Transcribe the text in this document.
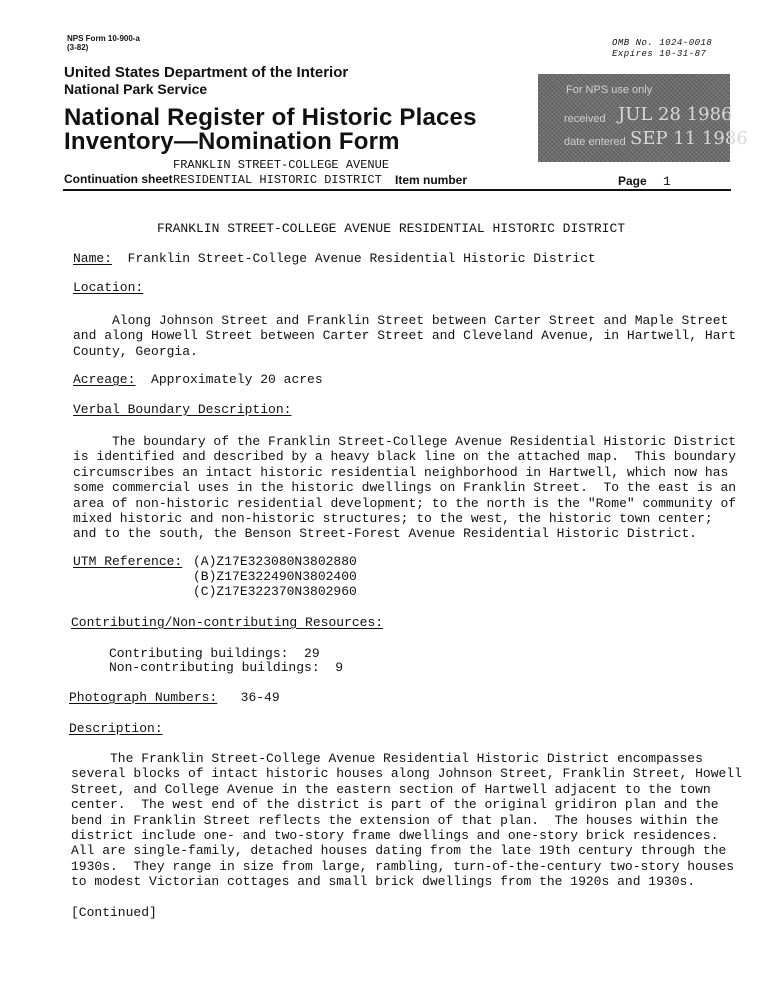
NPS Form 10-900-a
(3-82)	OMB No. 1024-0018
Expires 10-31-87
United States Department of the Interior
National Park Service
National Register of Historic Places
Inventory—Nomination Form
For NPS use only
received JUL 28 1986
date entered SEP 11 1986
FRANKLIN STREET-COLLEGE AVENUE
Continuation sheet RESIDENTIAL HISTORIC DISTRICT Item number	Page 1
FRANKLIN STREET-COLLEGE AVENUE RESIDENTIAL HISTORIC DISTRICT
Name: Franklin Street-College Avenue Residential Historic District
Location:
Along Johnson Street and Franklin Street between Carter Street and Maple Street
and along Howell Street between Carter Street and Cleveland Avenue, in Hartwell, Hart
County, Georgia.
Acreage: Approximately 20 acres
Verbal Boundary Description:
The boundary of the Franklin Street-College Avenue Residential Historic District
is identified and described by a heavy black line on the attached map.  This boundary
circumscribes an intact historic residential neighborhood in Hartwell, which now has
some commercial uses in the historic dwellings on Franklin Street.  To the east is an
area of non-historic residential development; to the north is the "Rome" community of
mixed historic and non-historic structures; to the west, the historic town center;
and to the south, the Benson Street-Forest Avenue Residential Historic District.
UTM Reference: (A)Z17E323080N3802880
(B)Z17E322490N3802400
(C)Z17E322370N3802960
Contributing/Non-contributing Resources:
Contributing buildings: 29
Non-contributing buildings: 9
Photograph Numbers: 36-49
Description:
The Franklin Street-College Avenue Residential Historic District encompasses
several blocks of intact historic houses along Johnson Street, Franklin Street, Howell
Street, and College Avenue in the eastern section of Hartwell adjacent to the town
center.  The west end of the district is part of the original gridiron plan and the
bend in Franklin Street reflects the extension of that plan.  The houses within the
district include one- and two-story frame dwellings and one-story brick residences.
All are single-family, detached houses dating from the late 19th century through the
1930s.  They range in size from large, rambling, turn-of-the-century two-story houses
to modest Victorian cottages and small brick dwellings from the 1920s and 1930s.
[Continued]
